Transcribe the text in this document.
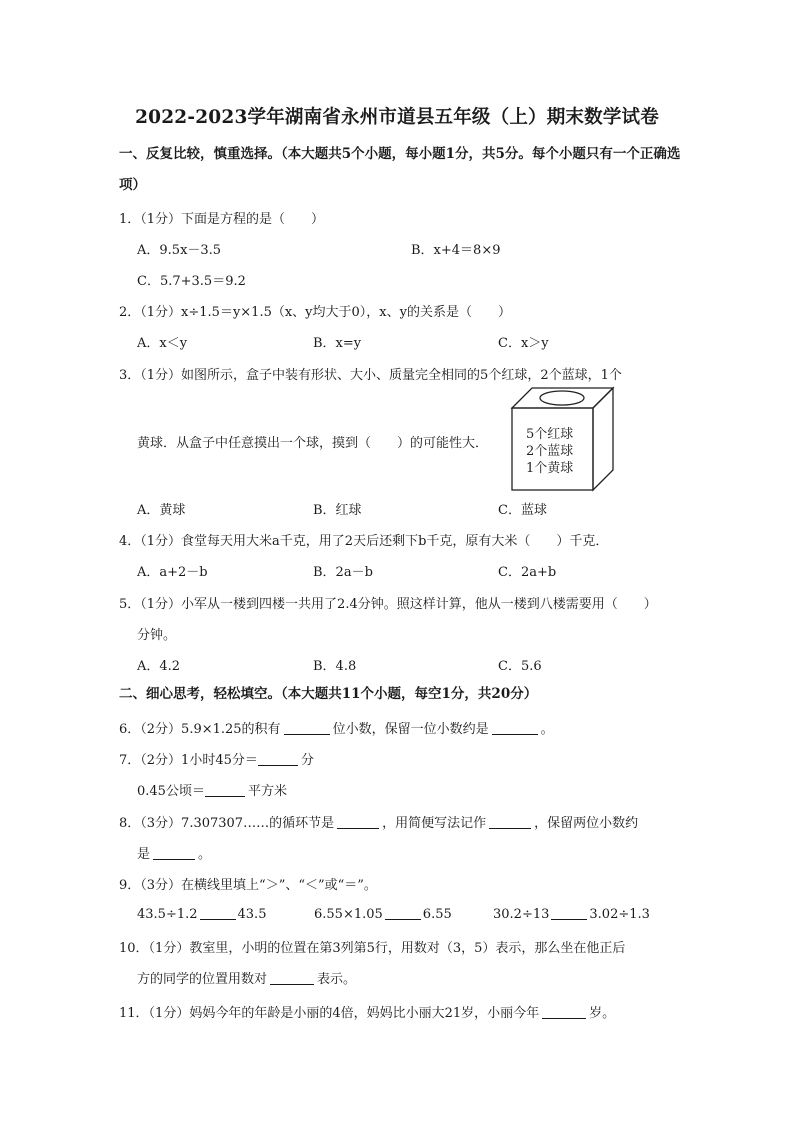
2022-2023学年湖南省永州市道县五年级（上）期末数学试卷
一、反复比较，慎重选择。（本大题共5个小题，每小题1分，共5分。每个小题只有一个正确选项）
1．（1分）下面是方程的是（　　）
A．9.5x－3.5	B．x+4＝8×9
C．5.7+3.5＝9.2
2．（1分）x÷1.5＝y×1.5（x、y均大于0），x、y的关系是（　　）
A．x＜y	B．x=y	C．x＞y
3．（1分）如图所示，盒子中装有形状、大小、质量完全相同的5个红球，2个蓝球，1个
黄球．从盒子中任意摸出一个球，摸到（　　）的可能性大．
5个红球
2个蓝球
1个黄球
A．黄球	B．红球	C．蓝球
4．（1分）食堂每天用大米a千克，用了2天后还剩下b千克，原有大米（　　）千克．
A．a+2－b	B．2a－b	C．2a+b
5．（1分）小军从一楼到四楼一共用了2.4分钟。照这样计算，他从一楼到八楼需要用（　　）
分钟。
A．4.2	B．4.8	C．5.6
二、细心思考，轻松填空。（本大题共11个小题，每空1分，共20分）
6．（2分）5.9×1.25的积有	位小数，保留一位小数约是	。
7．（2分）1小时45分＝	分
0.45公顷＝	平方米
8．（3分）7.307307……的循环节是	，用简便写法记作	，保留两位小数约
是	。
9．（3分）在横线里填上“＞”、“＜”或“＝”。
43.5÷1.2	43.5	6.55×1.05	6.55	30.2÷13	3.02÷1.3
10．（1分）教室里，小明的位置在第3列第5行，用数对（3，5）表示，那么坐在他正后
方的同学的位置用数对	表示。
11．（1分）妈妈今年的年龄是小丽的4倍，妈妈比小丽大21岁，小丽今年	岁。
